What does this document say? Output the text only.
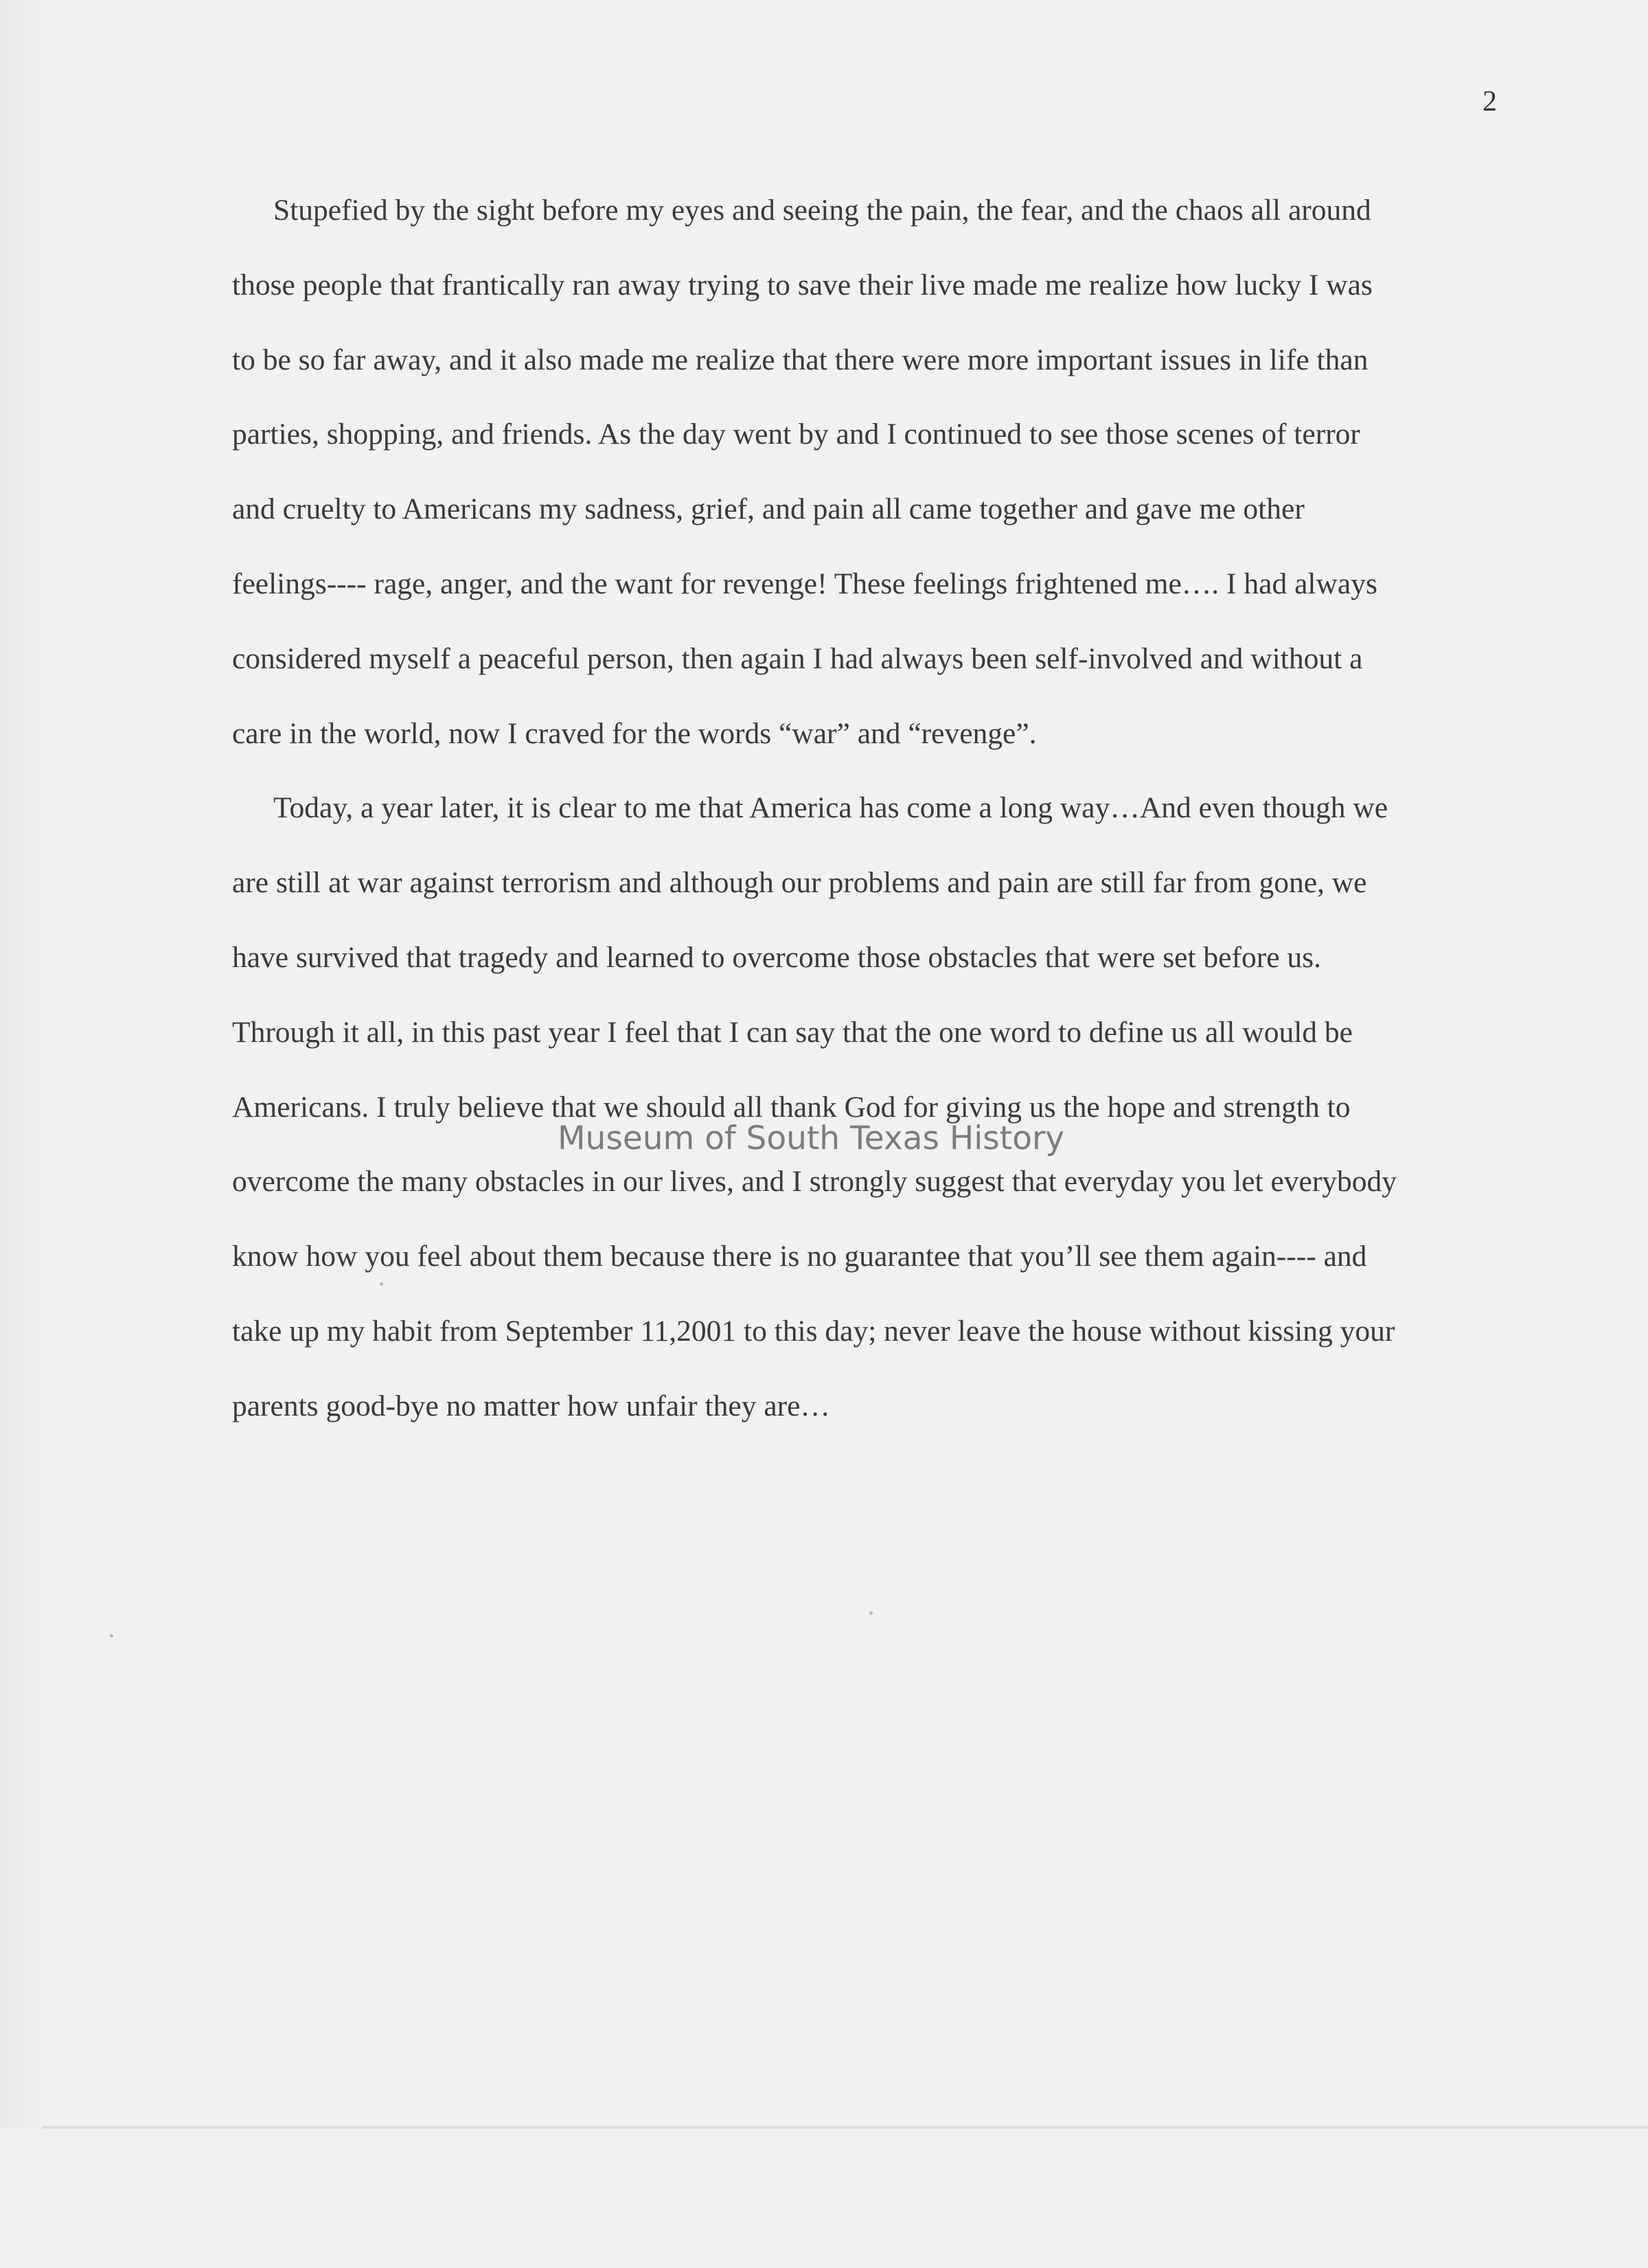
2

Stupefied by the sight before my eyes and seeing the pain, the fear, and the chaos all around
those people that frantically ran away trying to save their live made me realize how lucky I was
to be so far away, and it also made me realize that there were more important issues in life than
parties, shopping, and friends. As the day went by and I continued to see those scenes of terror
and cruelty to Americans my sadness, grief, and pain all came together and gave me other
feelings---- rage, anger, and the want for revenge! These feelings frightened me…. I had always
considered myself a peaceful person, then again I had always been self-involved and without a
care in the world, now I craved for the words “war” and “revenge”.

Today, a year later, it is clear to me that America has come a long way…And even though we
are still at war against terrorism and although our problems and pain are still far from gone, we
have survived that tragedy and learned to overcome those obstacles that were set before us.
Through it all, in this past year I feel that I can say that the one word to define us all would be
Americans. I truly believe that we should all thank God for giving us the hope and strength to
overcome the many obstacles in our lives, and I strongly suggest that everyday you let everybody
know how you feel about them because there is no guarantee that you’ll see them again---- and
take up my habit from September 11,2001 to this day; never leave the house without kissing your
parents good-bye no matter how unfair they are…

Museum of South Texas History
